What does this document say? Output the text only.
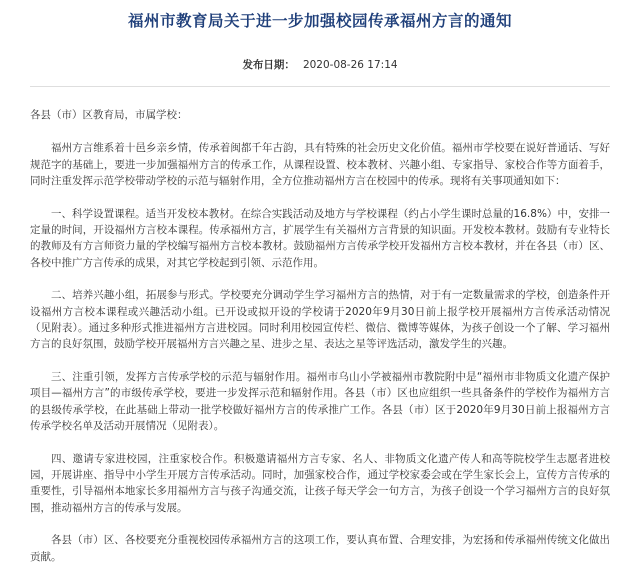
福州市教育局关于进一步加强校园传承福州方言的通知
发布日期： 2020-08-26 17:14

各县（市）区教育局，市属学校：

福州方言维系着十邑乡亲乡情，传承着闽都千年古韵，具有特殊的社会历史文化价值。福州市学校要在说好普通话、写好规范字的基础上，要进一步加强福州方言的传承工作，从课程设置、校本教材、兴趣小组、专家指导、家校合作等方面着手，同时注重发挥示范学校带动学校的示范与辐射作用，全方位推动福州方言在校园中的传承。现将有关事项通知如下：

一、科学设置课程。适当开发校本教材。在综合实践活动及地方与学校课程（约占小学生课时总量的16.8%）中，安排一定量的时间，开设福州方言校本课程。传承福州方言，扩展学生有关福州方言背景的知识面。开发校本教材。鼓励有专业特长的教师及有方言师资力量的学校编写福州方言校本教材。鼓励福州方言传承学校开发福州方言校本教材，并在各县（市）区、各校中推广方言传承的成果，对其它学校起到引领、示范作用。

二、培养兴趣小组，拓展参与形式。学校要充分调动学生学习福州方言的热情，对于有一定数量需求的学校，创造条件开设福州方言校本课程或兴趣活动小组。已开设或拟开设的学校请于2020年9月30日前上报学校开展福州方言传承活动情况（见附表）。通过多种形式推进福州方言进校园。同时利用校园宣传栏、微信、微博等媒体，为孩子创设一个了解、学习福州方言的良好氛围，鼓励学校开展福州方言兴趣之星、进步之星、表达之星等评选活动，激发学生的兴趣。

三、注重引领，发挥方言传承学校的示范与辐射作用。福州市乌山小学被福州市教院附中是“福州市非物质文化遗产保护项目—福州方言”的市级传承学校，要进一步发挥示范和辐射作用。各县（市）区也应组织一些具备条件的学校作为福州方言的县级传承学校，在此基础上带动一批学校做好福州方言的传承推广工作。各县（市）区于2020年9月30日前上报福州方言传承学校名单及活动开展情况（见附表）。

四、邀请专家进校园，注重家校合作。积极邀请福州方言专家、名人、非物质文化遗产传人和高等院校学生志愿者进校园，开展讲座、指导中小学生开展方言传承活动。同时，加强家校合作，通过学校家委会或在学生家长会上，宣传方言传承的重要性，引导福州本地家长多用福州方言与孩子沟通交流，让孩子每天学会一句方言，为孩子创设一个学习福州方言的良好氛围，推动福州方言的传承与发展。

各县（市）区、各校要充分重视校园传承福州方言的这项工作，要认真布置、合理安排，为宏扬和传承福州传统文化做出贡献。
